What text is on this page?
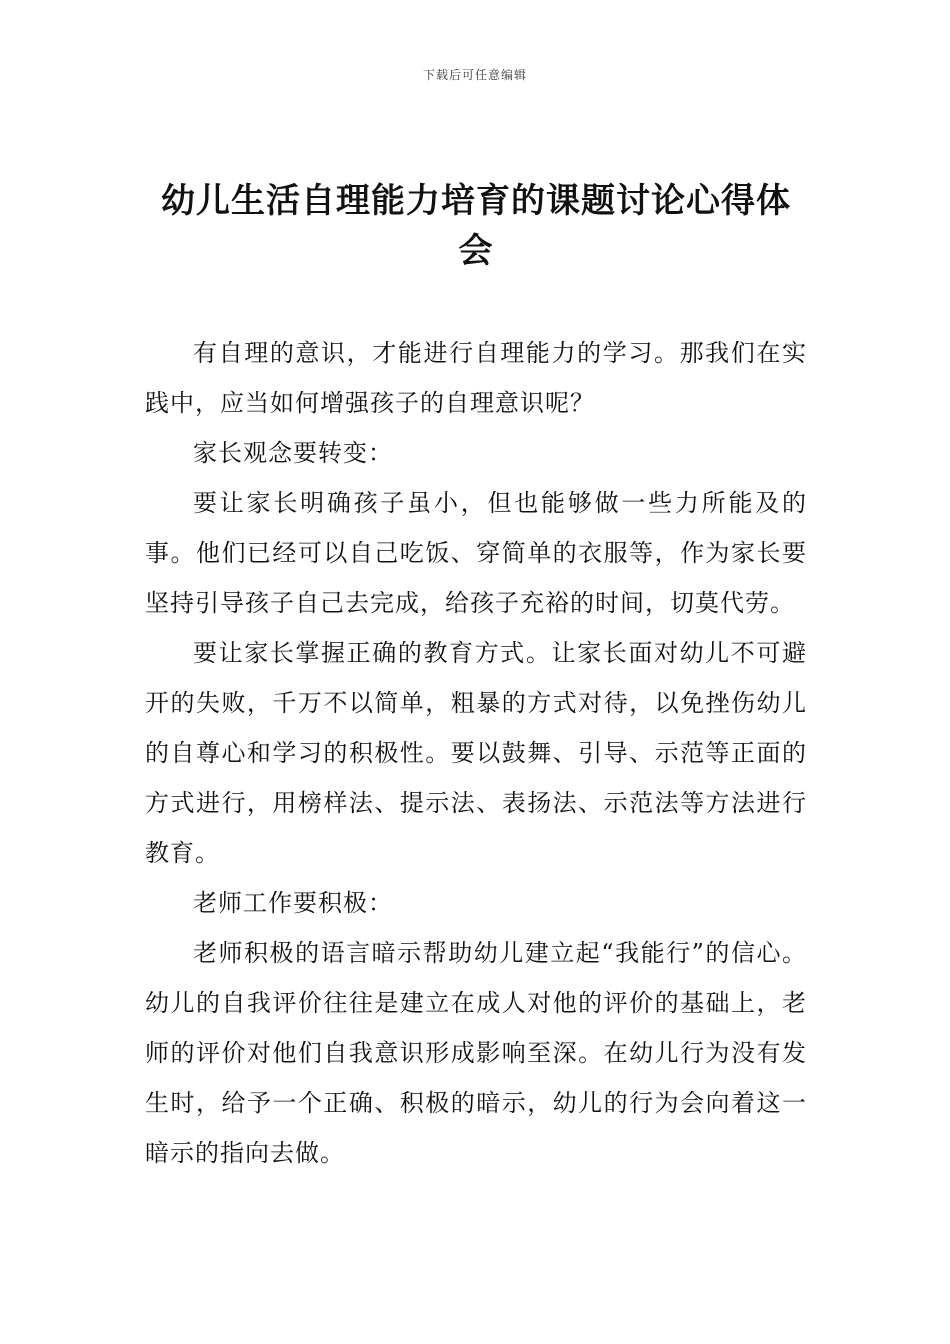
下载后可任意编辑
幼儿生活自理能力培育的课题讨论心得体会

有自理的意识，才能进行自理能力的学习。那我们在实践中，应当如何增强孩子的自理意识呢？

家长观念要转变：

要让家长明确孩子虽小，但也能够做一些力所能及的事。他们已经可以自己吃饭、穿简单的衣服等，作为家长要坚持引导孩子自己去完成，给孩子充裕的时间，切莫代劳。

要让家长掌握正确的教育方式。让家长面对幼儿不可避开的失败，千万不以简单，粗暴的方式对待，以免挫伤幼儿的自尊心和学习的积极性。要以鼓舞、引导、示范等正面的方式进行，用榜样法、提示法、表扬法、示范法等方法进行教育。

老师工作要积极：

老师积极的语言暗示帮助幼儿建立起“我能行”的信心。幼儿的自我评价往往是建立在成人对他的评价的基础上，老师的评价对他们自我意识形成影响至深。在幼儿行为没有发生时，给予一个正确、积极的暗示，幼儿的行为会向着这一暗示的指向去做。
